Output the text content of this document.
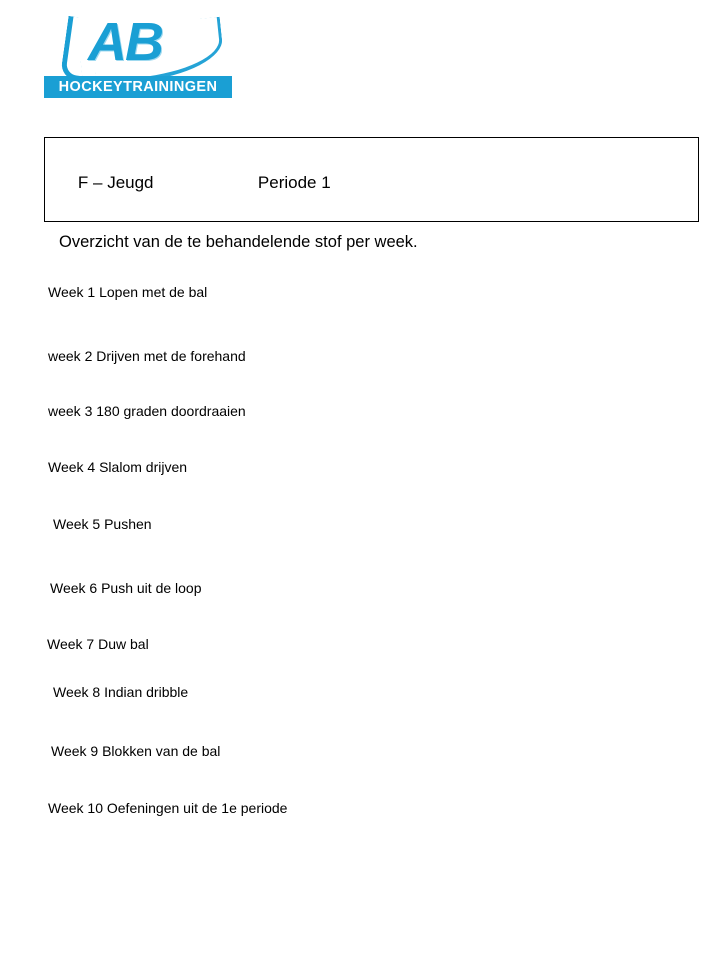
AB
HOCKEYTRAININGEN

F – Jeugd	Periode 1

Overzicht van de te behandelende stof per week.
Week 1 Lopen met de bal
week 2 Drijven met de forehand
week 3 180 graden doordraaien
Week 4 Slalom drijven
Week 5 Pushen
Week 6 Push uit de loop
Week 7 Duw bal
Week 8 Indian dribble
Week 9 Blokken van de bal
Week 10 Oefeningen uit de 1e periode
